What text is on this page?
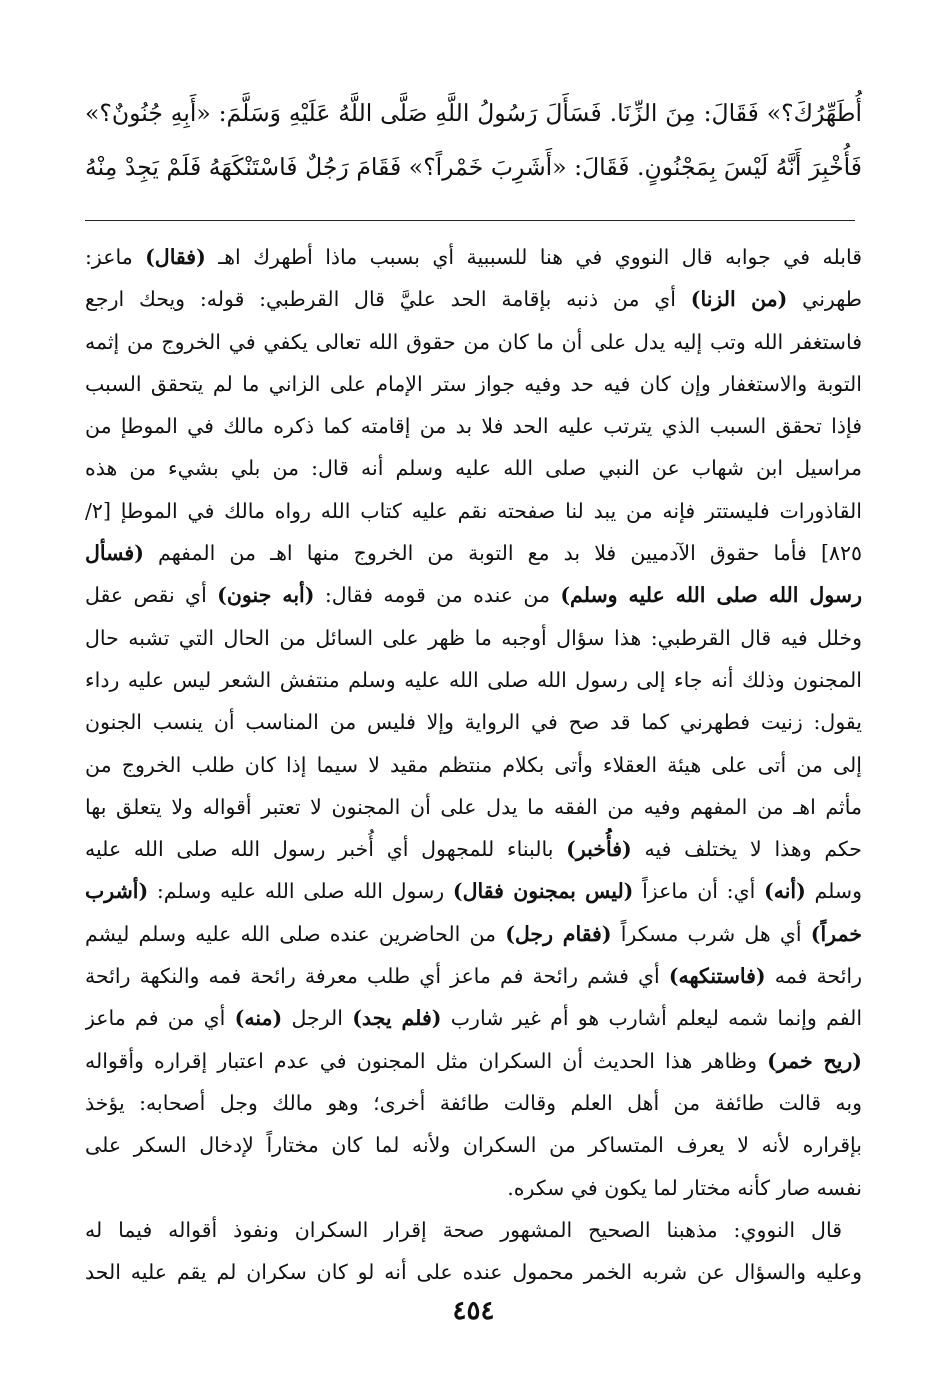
أُطَهِّرُكَ؟» فَقَالَ: مِنَ الزِّنَا. فَسَأَلَ رَسُولُ اللَّهِ صَلَّى اللَّهُ عَلَيْهِ وَسَلَّمَ: «أَبِهِ جُنُونٌ؟»
فَأُخْبِرَ أَنَّهُ لَيْسَ بِمَجْنُونٍ. فَقَالَ: «أَشَرِبَ خَمْراً؟» فَقَامَ رَجُلٌ فَاسْتَنْكَهَهُ فَلَمْ يَجِدْ مِنْهُ
قابله في جوابه قال النووي في هنا للسببية أي بسبب ماذا أطهرك اهـ (فقال) ماعز:
طهرني (من الزنا) أي من ذنبه بإقامة الحد عليَّ قال القرطبي: قوله: ويحك ارجع
فاستغفر الله وتب إليه يدل على أن ما كان من حقوق الله تعالى يكفي في الخروج من إثمه
التوبة والاستغفار وإن كان فيه حد وفيه جواز ستر الإمام على الزاني ما لم يتحقق السبب
فإذا تحقق السبب الذي يترتب عليه الحد فلا بد من إقامته كما ذكره مالك في الموطإ من
مراسيل ابن شهاب عن النبي صلى الله عليه وسلم أنه قال: من بلي بشيء من هذه
القاذورات فليستتر فإنه من يبد لنا صفحته نقم عليه كتاب الله رواه مالك في الموطإ [٢/
٨٢٥] فأما حقوق الآدميين فلا بد مع التوبة من الخروج منها اهـ من المفهم (فسأل
رسول الله صلى الله عليه وسلم) من عنده من قومه فقال: (أبه جنون) أي نقص عقل
وخلل فيه قال القرطبي: هذا سؤال أوجبه ما ظهر على السائل من الحال التي تشبه حال
المجنون وذلك أنه جاء إلى رسول الله صلى الله عليه وسلم منتفش الشعر ليس عليه رداء
يقول: زنيت فطهرني كما قد صح في الرواية وإلا فليس من المناسب أن ينسب الجنون
إلى من أتى على هيئة العقلاء وأتى بكلام منتظم مقيد لا سيما إذا كان طلب الخروج من
مأثم اهـ من المفهم وفيه من الفقه ما يدل على أن المجنون لا تعتبر أقواله ولا يتعلق بها
حكم وهذا لا يختلف فيه (فأُخبر) بالبناء للمجهول أي أُخبر رسول الله صلى الله عليه
وسلم (أنه) أي: أن ماعزاً (ليس بمجنون فقال) رسول الله صلى الله عليه وسلم: (أشرب
خمراً) أي هل شرب مسكراً (فقام رجل) من الحاضرين عنده صلى الله عليه وسلم ليشم
رائحة فمه (فاستنكهه) أي فشم رائحة فم ماعز أي طلب معرفة رائحة فمه والنكهة رائحة
الفم وإنما شمه ليعلم أشارب هو أم غير شارب (فلم يجد) الرجل (منه) أي من فم ماعز
(ريح خمر) وظاهر هذا الحديث أن السكران مثل المجنون في عدم اعتبار إقراره وأقواله
وبه قالت طائفة من أهل العلم وقالت طائفة أخرى؛ وهو مالك وجل أصحابه: يؤخذ
بإقراره لأنه لا يعرف المتساكر من السكران ولأنه لما كان مختاراً لإدخال السكر على
نفسه صار كأنه مختار لما يكون في سكره.
قال النووي: مذهبنا الصحيح المشهور صحة إقرار السكران ونفوذ أقواله فيما له
وعليه والسؤال عن شربه الخمر محمول عنده على أنه لو كان سكران لم يقم عليه الحد
٤٥٤
